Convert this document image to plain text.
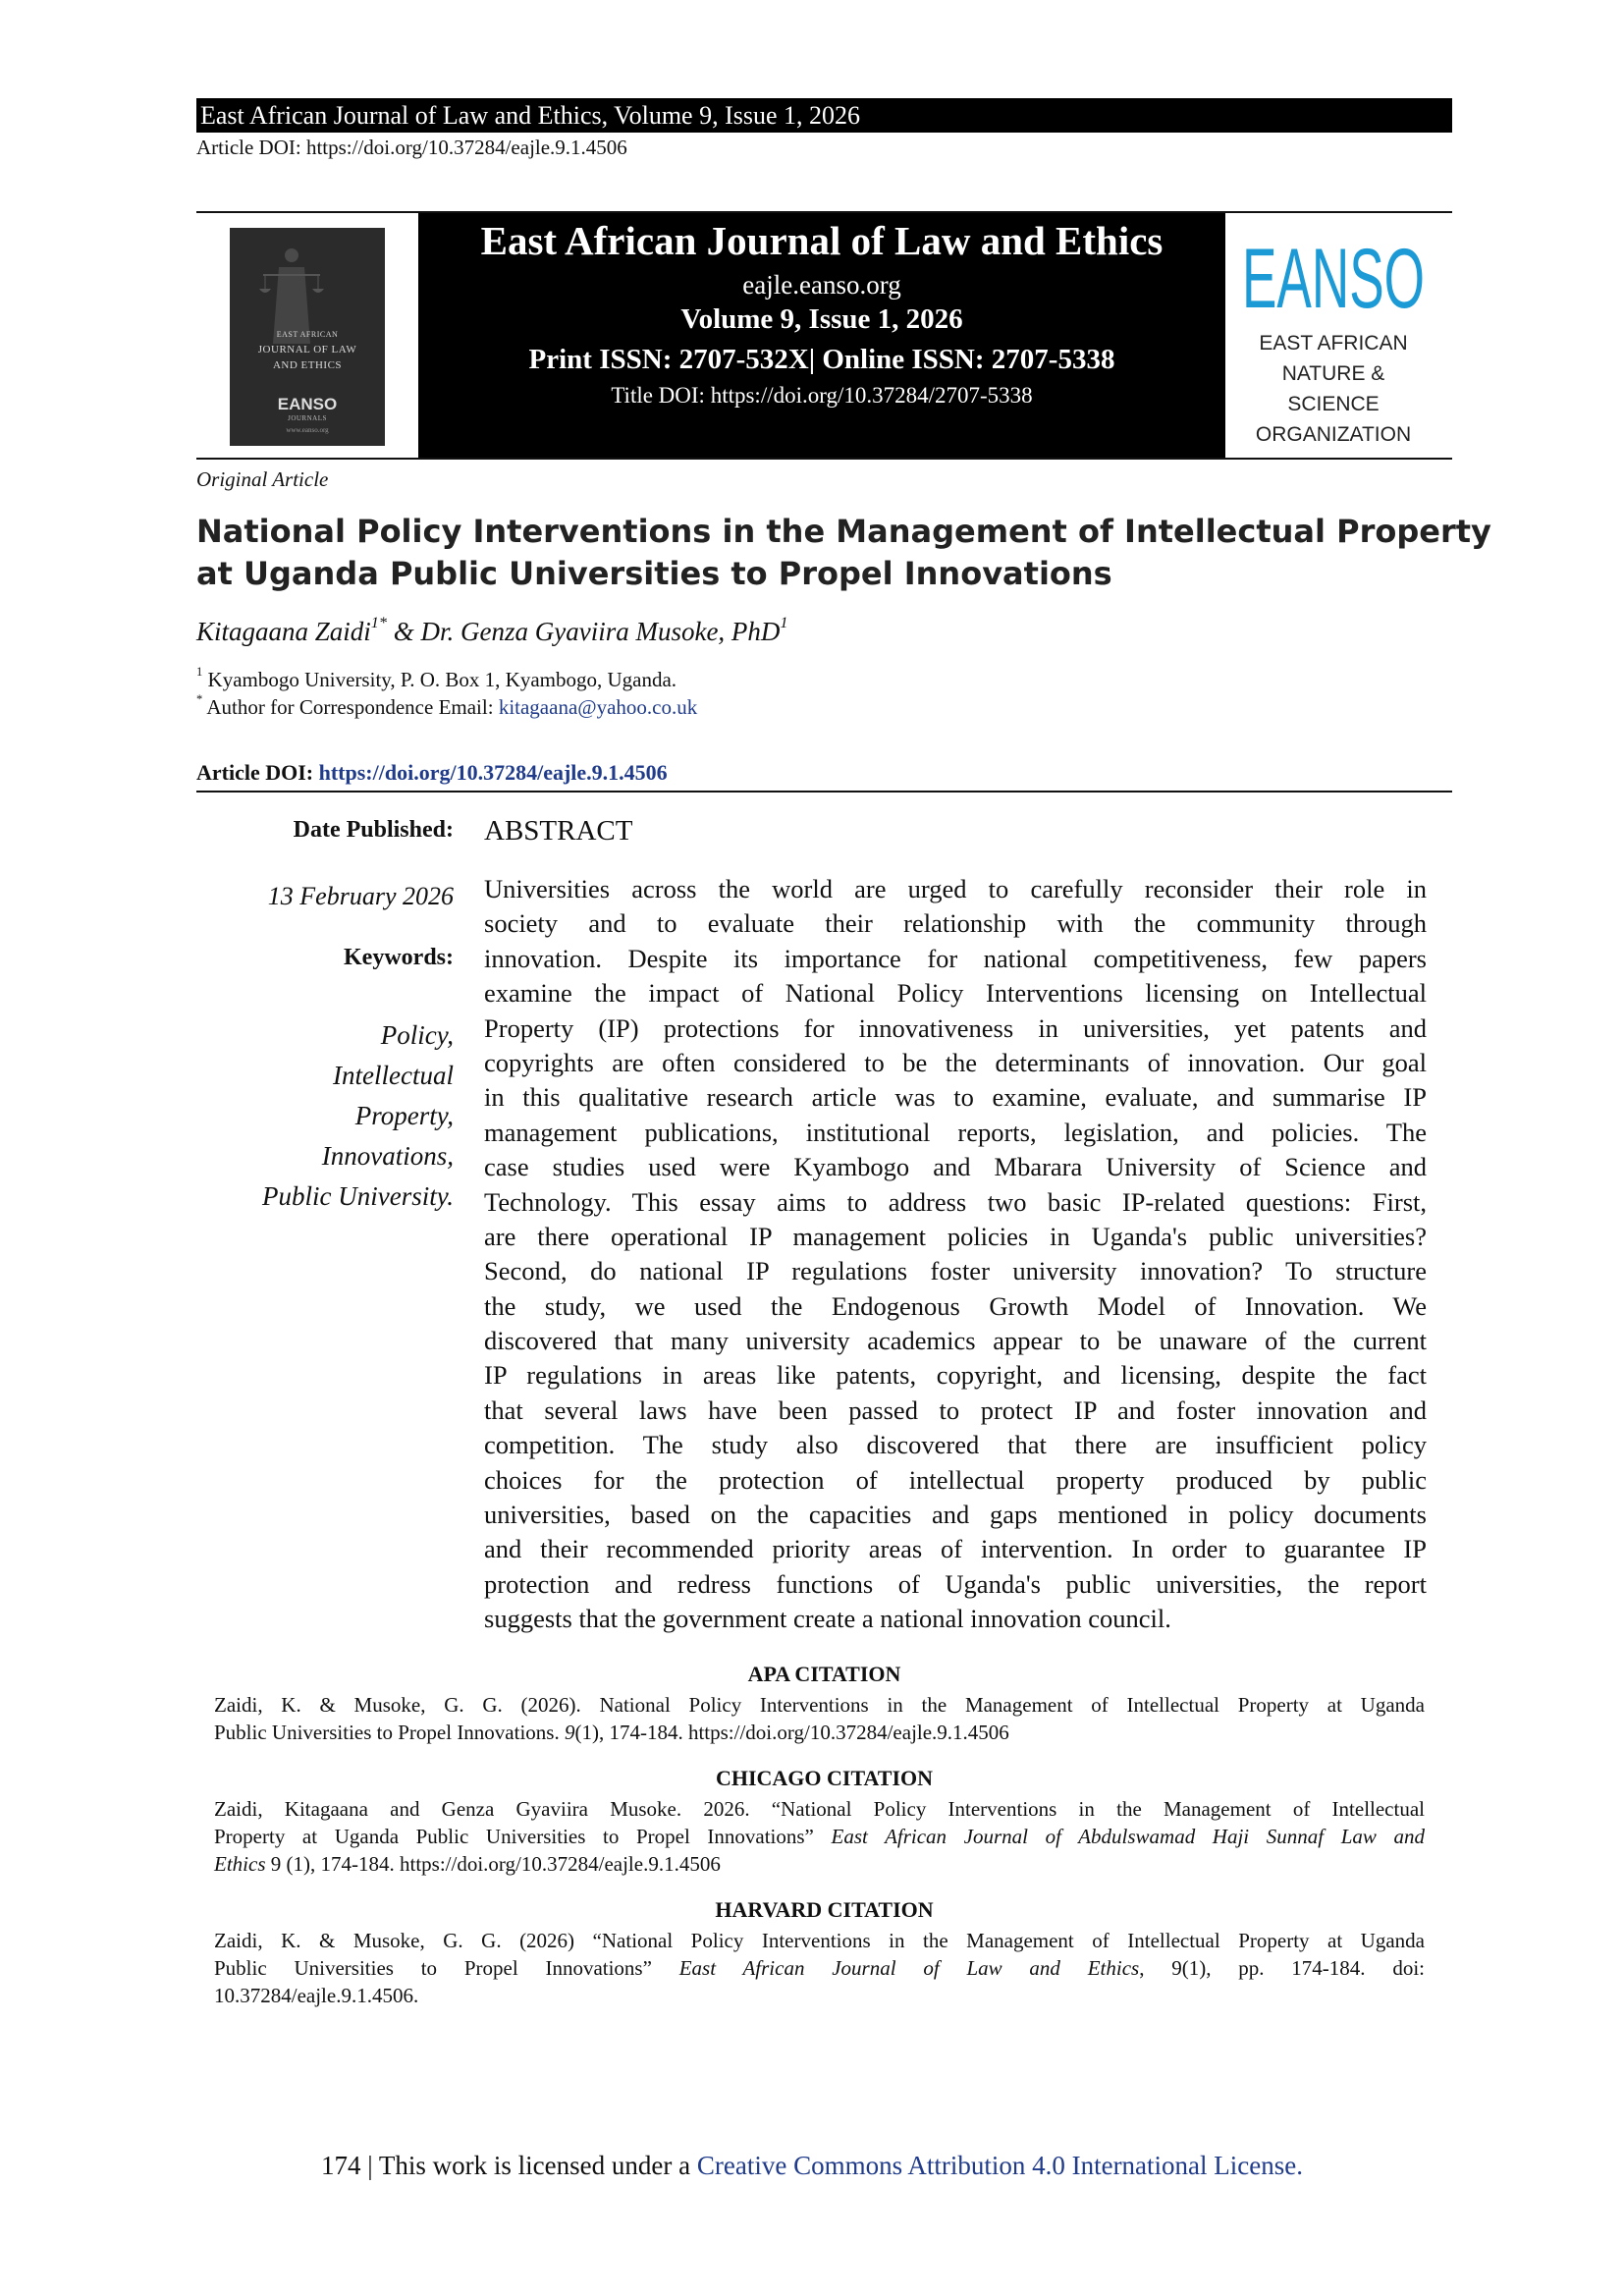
East African Journal of Law and Ethics, Volume 9, Issue 1, 2026
Article DOI: https://doi.org/10.37284/eajle.9.1.4506
EAST AFRICAN
JOURNAL OF LAW
AND ETHICS
EANSO
JOURNALS
www.eanso.org
East African Journal of Law and Ethics
eajle.eanso.org
Volume 9, Issue 1, 2026
Print ISSN: 2707-532X| Online ISSN: 2707-5338
Title DOI: https://doi.org/10.37284/2707-5338
EANSO
EAST AFRICAN
NATURE &
SCIENCE
ORGANIZATION
Original Article
National Policy Interventions in the Management of Intellectual Property
at Uganda Public Universities to Propel Innovations
Kitagaana Zaidi$^{1*}$ & Dr. Genza Gyaviira Musoke, PhD$^1$
$^1$ Kyambogo University, P. O. Box 1, Kyambogo, Uganda.
* Author for Correspondence Email: kitagaana@yahoo.co.uk
Article DOI: https://doi.org/10.37284/eajle.9.1.4506
Date Published:
13 February 2026
Keywords:
Policy,
Intellectual
Property,
Innovations,
Public University.
ABSTRACT
Universities across the world are urged to carefully reconsider their role in
society and to evaluate their relationship with the community through
innovation. Despite its importance for national competitiveness, few papers
examine the impact of National Policy Interventions licensing on Intellectual
Property (IP) protections for innovativeness in universities, yet patents and
copyrights are often considered to be the determinants of innovation. Our goal
in this qualitative research article was to examine, evaluate, and summarise IP
management publications, institutional reports, legislation, and policies. The
case studies used were Kyambogo and Mbarara University of Science and
Technology. This essay aims to address two basic IP-related questions: First,
are there operational IP management policies in Uganda's public universities?
Second, do national IP regulations foster university innovation? To structure
the study, we used the Endogenous Growth Model of Innovation. We
discovered that many university academics appear to be unaware of the current
IP regulations in areas like patents, copyright, and licensing, despite the fact
that several laws have been passed to protect IP and foster innovation and
competition. The study also discovered that there are insufficient policy
choices for the protection of intellectual property produced by public
universities, based on the capacities and gaps mentioned in policy documents
and their recommended priority areas of intervention. In order to guarantee IP
protection and redress functions of Uganda's public universities, the report
suggests that the government create a national innovation council.
APA CITATION
Zaidi, K. & Musoke, G. G. (2026). National Policy Interventions in the Management of Intellectual Property at Uganda
Public Universities to Propel Innovations. 9(1), 174-184. https://doi.org/10.37284/eajle.9.1.4506
CHICAGO CITATION
Zaidi, Kitagaana and Genza Gyaviira Musoke. 2026. “National Policy Interventions in the Management of Intellectual
Property at Uganda Public Universities to Propel Innovations” East African Journal of Abdulswamad Haji Sunnaf Law and
Ethics 9 (1), 174-184. https://doi.org/10.37284/eajle.9.1.4506
HARVARD CITATION
Zaidi, K. & Musoke, G. G. (2026) “National Policy Interventions in the Management of Intellectual Property at Uganda
Public Universities to Propel Innovations” East African Journal of Law and Ethics, 9(1), pp. 174-184. doi:
10.37284/eajle.9.1.4506.
174 | This work is licensed under a Creative Commons Attribution 4.0 International License.
